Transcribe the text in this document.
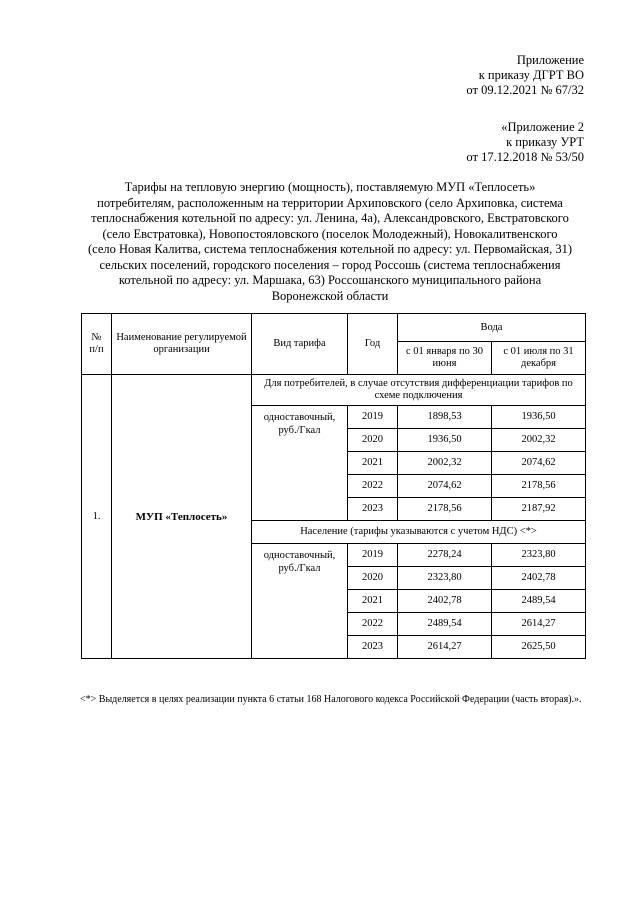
Приложение
к приказу ДГРТ ВО
от 09.12.2021 № 67/32
«Приложение 2
к приказу УРТ
от 17.12.2018 № 53/50
Тарифы на тепловую энергию (мощность), поставляемую МУП «Теплосеть»
потребителям, расположенным на территории Архиповского (село Архиповка, система
теплоснабжения котельной по адресу: ул. Ленина, 4а), Александровского, Евстратовского
(село Евстратовка), Новопостояловского (поселок Молодежный), Новокалитвенского
(село Новая Калитва, система теплоснабжения котельной по адресу: ул. Первомайская, 31)
сельских поселений, городского поселения – город Россошь (система теплоснабжения
котельной по адресу: ул. Маршака, 63) Россошанского муниципального района
Воронежской области
№ п/п	Наименование регулируемой организации	Вид тарифа	Год	Вода	
				с 01 января по 30 июня	с 01 июля по 31 декабря
1.	МУП «Теплосеть»	Для потребителей, в случае отсутствия дифференциации тарифов по схеме подключения			
		одноставочный, руб./Гкал	2019	1898,53	1936,50
			2020	1936,50	2002,32
			2021	2002,32	2074,62
			2022	2074,62	2178,56
			2023	2178,56	2187,92
		Население (тарифы указываются с учетом НДС) <*>			
		одноставочный, руб./Гкал	2019	2278,24	2323,80
			2020	2323,80	2402,78
			2021	2402,78	2489,54
			2022	2489,54	2614,27
			2023	2614,27	2625,50
<*> Выделяется в целях реализации пункта 6 статьи 168 Налогового кодекса Российской Федерации (часть вторая).».
